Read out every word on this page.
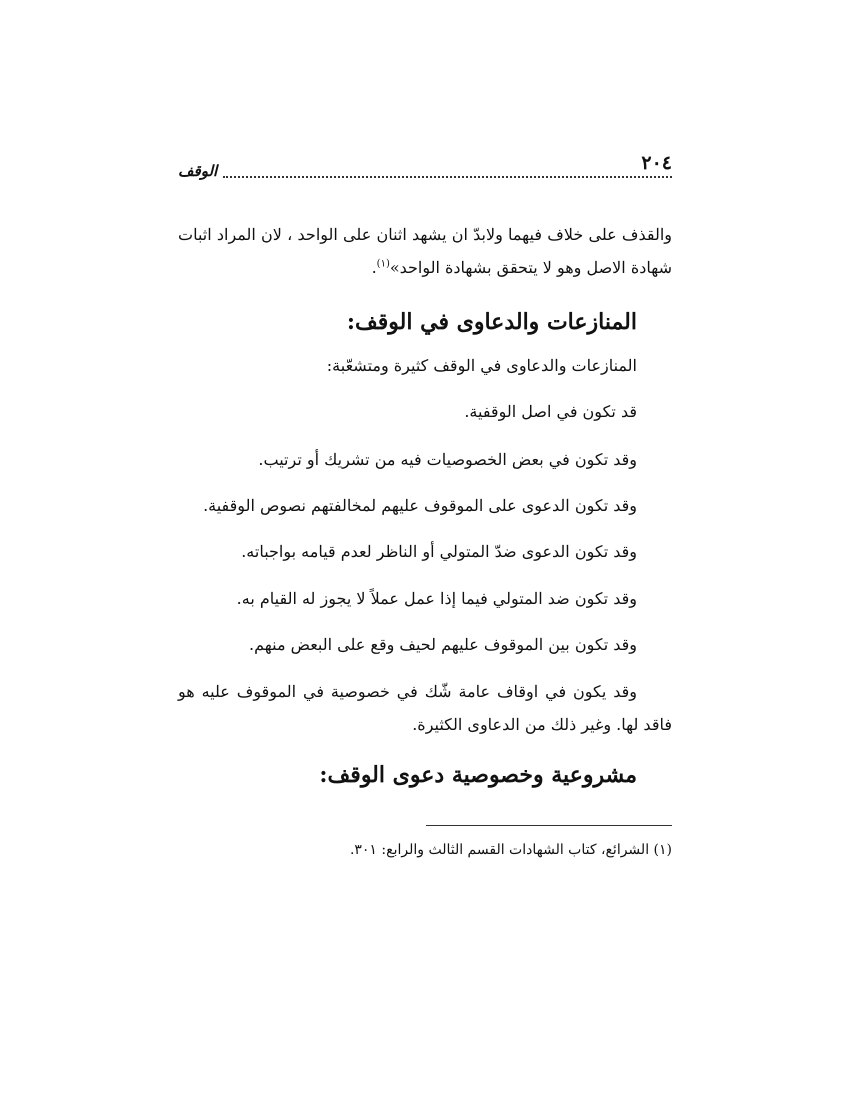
٢٠٤
الوقف
والقذف على خلاف فيهما ولابدّ ان يشهد اثنان على الواحد ، لان المراد اثبات
شهادة الاصل وهو لا يتحقق بشهادة الواحد»$^{(١)}$.
المنازعات والدعاوى في الوقف:
المنازعات والدعاوى في الوقف كثيرة ومتشعّبة:
قد تكون في اصل الوقفية.
وقد تكون في بعض الخصوصيات فيه من تشريك أو ترتيب.
وقد تكون الدعوى على الموقوف عليهم لمخالفتهم نصوص الوقفية.
وقد تكون الدعوى ضدّ المتولي أو الناظر لعدم قيامه بواجباته.
وقد تكون ضد المتولي فيما إذا عمل عملاً لا يجوز له القيام به.
وقد تكون بين الموقوف عليهم لحيف وقع على البعض منهم.
وقد يكون في اوقاف عامة شّك في خصوصية في الموقوف عليه هو
فاقد لها. وغير ذلك من الدعاوى الكثيرة.
مشروعية وخصوصية دعوى الوقف:
(١) الشرائع، كتاب الشهادات القسم الثالث والرابع: ٣٠١.
